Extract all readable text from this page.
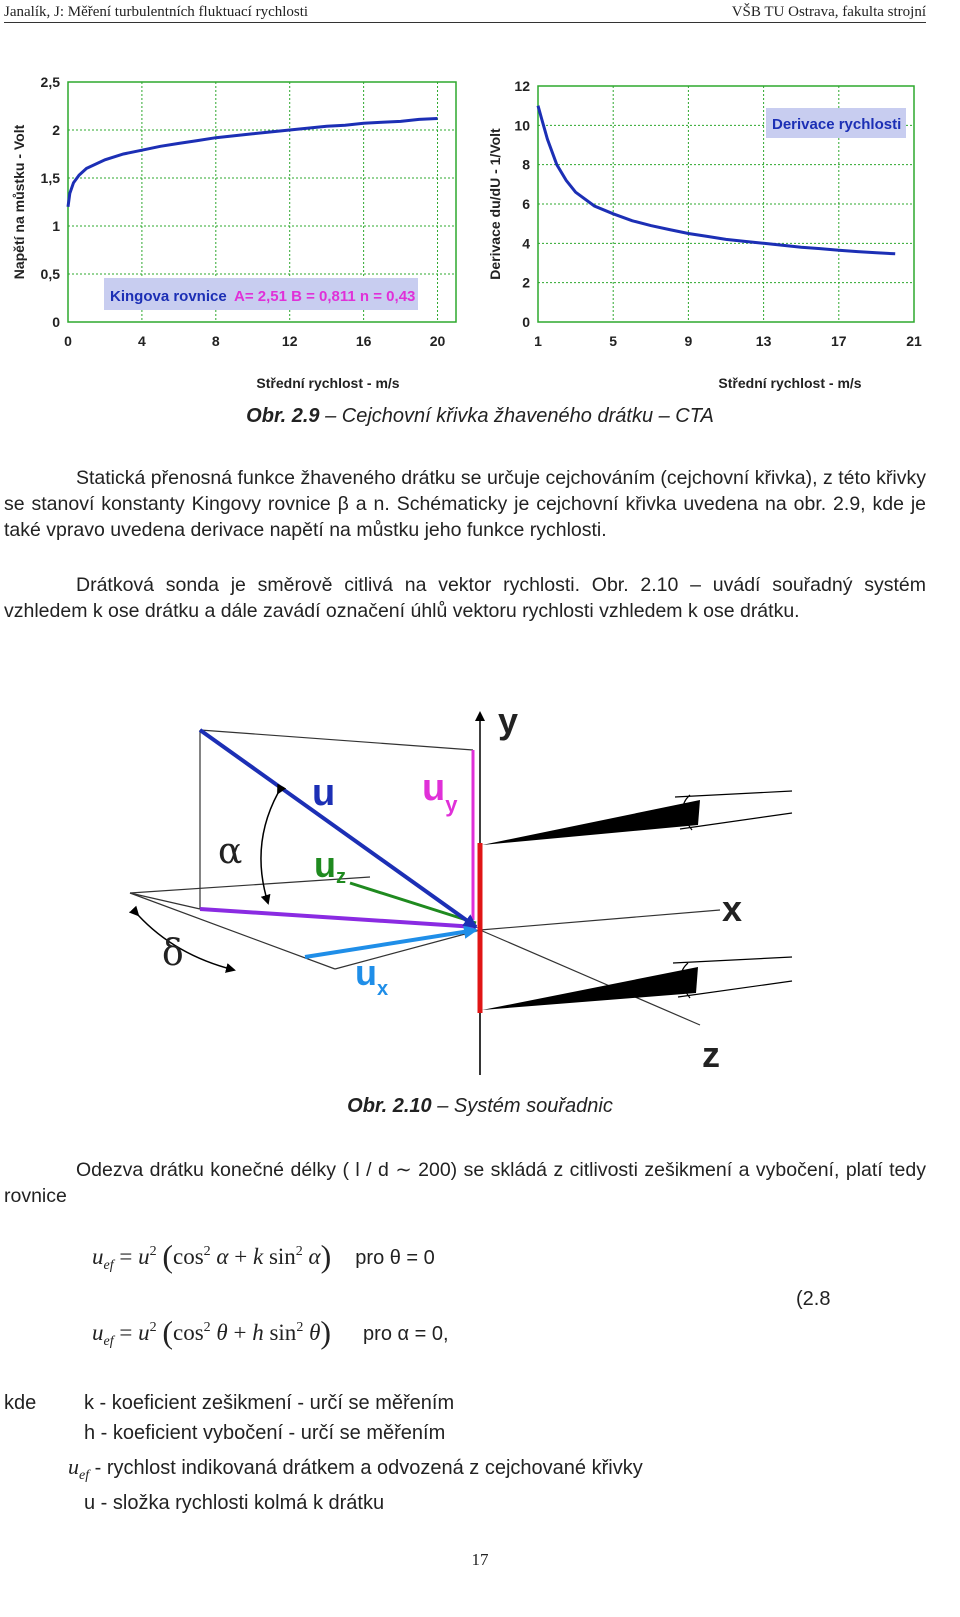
Janalík, J: Měření turbulentních fluktuací rychlosti	VŠB TU Ostrava, fakulta strojní
0	4	8	12	16	20
0
0,5
1
1,5
2
2,5
Střední rychlost - m/s
Napětí na můstku - Volt
Kingova rovnice A= 2,51 B = 0,811 n = 0,43
1	5	9	13	17	21
0
2
4
6
8
10
12
Střední rychlost - m/s
Derivace du/dU - 1/Volt
Derivace rychlosti
Obr. 2.9 – Cejchovní křivka žhaveného drátku – CTA

Statická přenosná funkce žhaveného drátku se určuje cejchováním (cejchovní křivka), z této křivky se stanoví konstanty Kingovy rovnice β a n. Schématicky je cejchovní křivka uvedena na obr. 2.9, kde je také vpravo uvedena derivace napětí na můstku jeho funkce rychlosti.

Drátková sonda je směrově citlivá na vektor rychlosti. Obr. 2.10 – uvádí souřadný systém vzhledem k ose drátku a dále zavádí označení úhlů vektoru rychlosti vzhledem k ose drátku.

y
x
z
u $u_y$
uz
$u_x$
α
δ
Obr. 2.10 – Systém souřadnic

Odezva drátku konečné délky ( l / d ∼ 200) se skládá z citlivosti zešikmení a vybočení, platí tedy rovnice

$u_{ef} = u^2$ ($\cos^2$ α + k $\sin^2 \alpha$) pro θ = 0
(2.8
$u_{ef} = u^2$ ($\cos^2$ θ + h $\sin^2 \theta$) pro α = 0,
kde k - koeficient zešikmení - určí se měřením
h - koeficient vybočení - určí se měřením
$u_{ef}$ - rychlost indikovaná drátkem a odvozená z cejchované křivky
u - složka rychlosti kolmá k drátku
17
